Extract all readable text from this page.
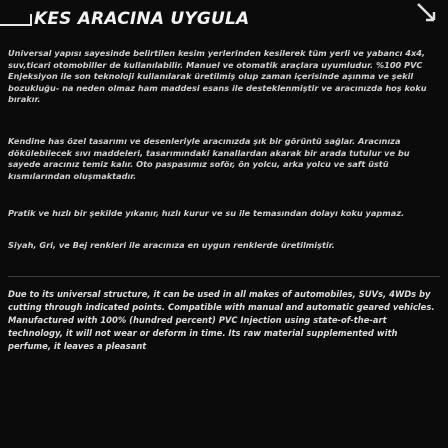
KES ARACINA UYGULA

Universal yapısı sayesinde belirtilen kesim yerlerinden kesilerek tüm yerli ve yabancı 4x4, suv,ticari otomobiller de kullanılabilir. Manuel ve otomatik araçlara uyumludur. %100 PVC Enjeksiyon ile son teknoloji kullanılarak üretilmiş olup zaman içerisinde aşınma ve şekil bozukluğu- na neden olmaz ham maddesi esans ile desteklenmiştir ve aracınızda hoş koku bırakır.

Kendine has özel tasarımı ve desenleriyle aracınızda şık bir görüntü sağlar. Aracınıza dökülebilecek sıvı maddeleri, tasarımındaki kanallardan akarak bir arada tutulur ve bu sayede aracınız temiz kalır. Oto paspasımız soför, ön yolcu, arka yolcu ve saft üstü kısmılarından oluşmaktadır.

Pratik ve hızlı bir şekilde yıkanır, hızlı kurur ve su ile temasından dolayı koku yapmaz.

Siyah, Gri, ve Bej renkleri ile aracınıza en uygun renklerde üretilmiştir.

Due to its universal structure, it can be used in all makes of automobiles, SUVs, 4WDs by cutting through indicated points. Compatible with manual and automatic geared vehicles. Manufactured with 100% (hundred percent) PVC Injection using state-of-the-art technology, it will not wear or deform in time. Its raw material supplemented with perfume, it leaves a pleasant
